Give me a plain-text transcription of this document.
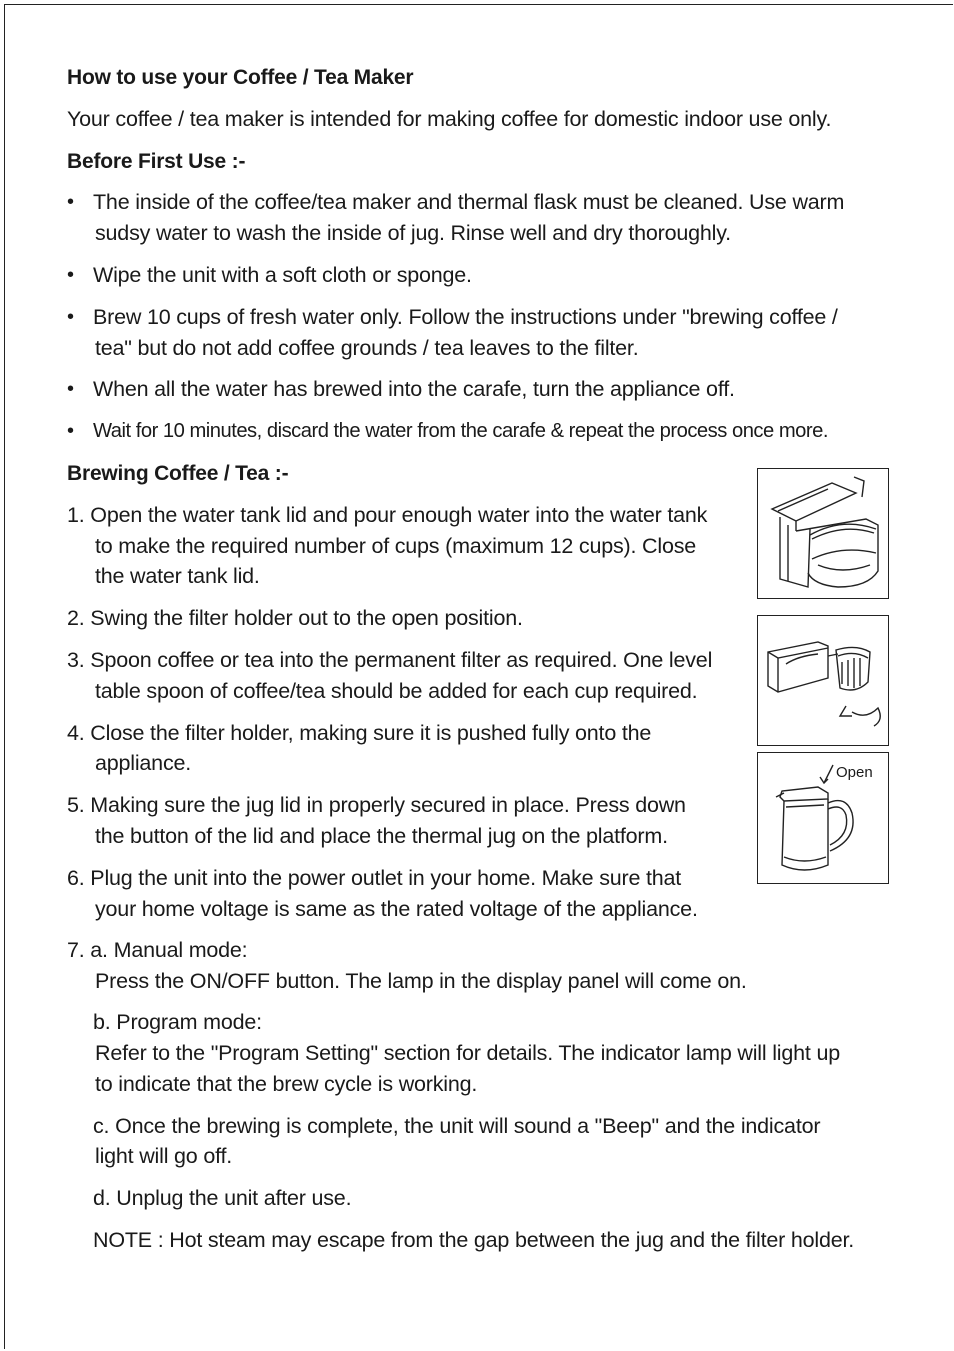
How to use your Coffee / Tea Maker
Your coffee / tea maker is intended for making coffee for domestic indoor use only.
Before First Use :-
• The inside of the coffee/tea maker and thermal flask must be cleaned. Use warm
sudsy water to wash the inside of jug. Rinse well and dry thoroughly.
• Wipe the unit with a soft cloth or sponge.
• Brew 10 cups of fresh water only. Follow the instructions under "brewing coffee /
tea" but do not add coffee grounds / tea leaves to the filter.
• When all the water has brewed into the carafe, turn the appliance off.
• Wait for 10 minutes, discard the water from the carafe & repeat the process once more.
Brewing Coffee / Tea :-
1. Open the water tank lid and pour enough water into the water tank
to make the required number of cups (maximum 12 cups). Close
the water tank lid.
2. Swing the filter holder out to the open position.
3. Spoon coffee or tea into the permanent filter as required. One level
table spoon of coffee/tea should be added for each cup required.
4. Close the filter holder, making sure it is pushed fully onto the
appliance.
5. Making sure the jug lid in properly secured in place. Press down
the button of the lid and place the thermal jug on the platform.
6. Plug the unit into the power outlet in your home. Make sure that
your home voltage is same as the rated voltage of the appliance.
7. a. Manual mode:
Press the ON/OFF button. The lamp in the display panel will come on.
b. Program mode:
Refer to the "Program Setting" section for details. The indicator lamp will light up
to indicate that the brew cycle is working.
c. Once the brewing is complete, the unit will sound a "Beep" and the indicator
light will go off.
d. Unplug the unit after use.
NOTE : Hot steam may escape from the gap between the jug and the filter holder.
Open
